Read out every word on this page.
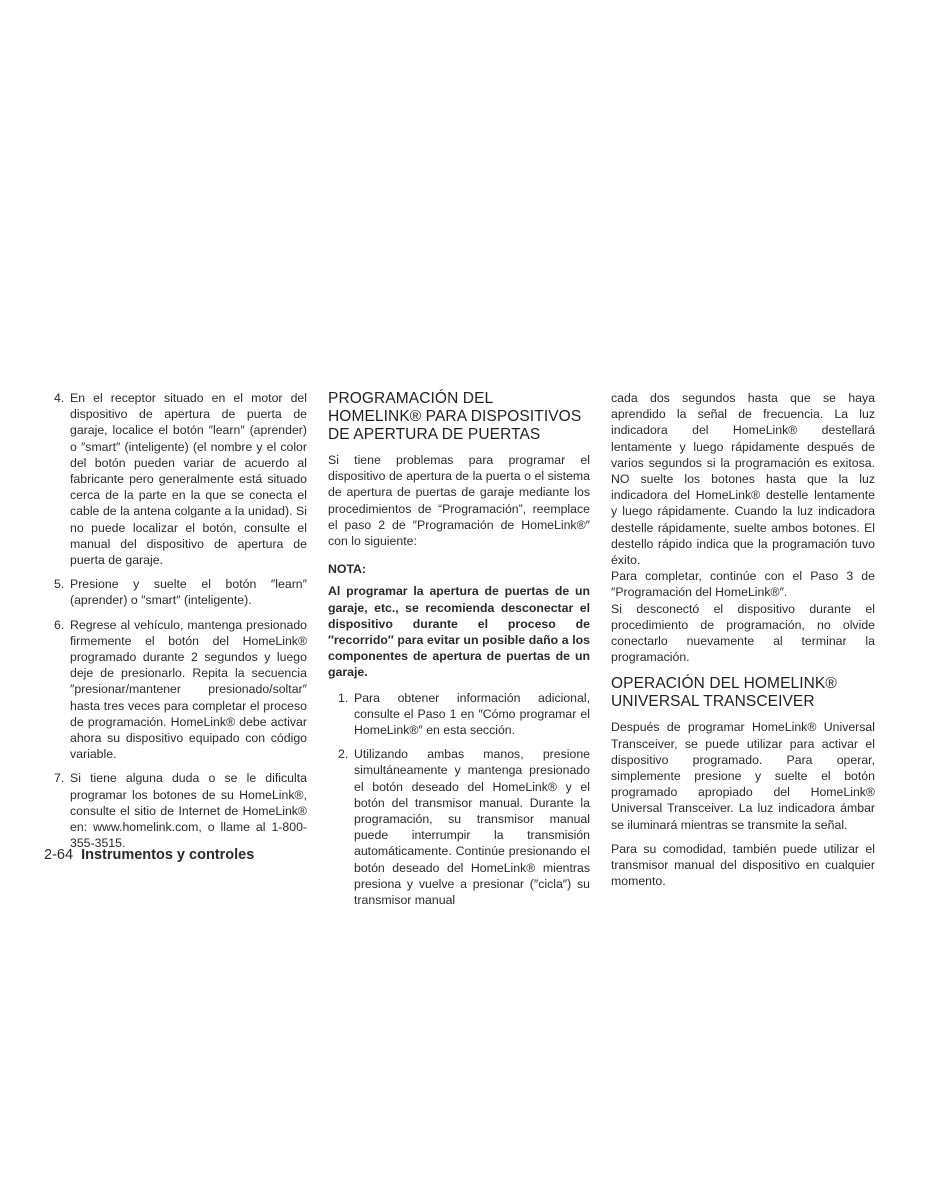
4. En el receptor situado en el motor del dispositivo de apertura de puerta de garaje, localice el botón ″learn″ (aprender) o ″smart″ (inteligente) (el nombre y el color del botón pueden variar de acuerdo al fabricante pero generalmente está situado cerca de la parte en la que se conecta el cable de la antena colgante a la unidad). Si no puede localizar el botón, consulte el manual del dispositivo de apertura de puerta de garaje.
5. Presione y suelte el botón ″learn″ (aprender) o ″smart″ (inteligente).
6. Regrese al vehículo, mantenga presionado firmemente el botón del HomeLink® programado durante 2 segundos y luego deje de presionarlo. Repita la secuencia ″presionar/mantener presionado/soltar″ hasta tres veces para completar el proceso de programación. HomeLink® debe activar ahora su dispositivo equipado con código variable.
7. Si tiene alguna duda o se le dificulta programar los botones de su HomeLink®, consulte el sitio de Internet de HomeLink® en: www.homelink.com, o llame al 1-800-355-3515.
PROGRAMACIÓN DEL HOMELINK® PARA DISPOSITIVOS DE APERTURA DE PUERTAS

Si tiene problemas para programar el dispositivo de apertura de la puerta o el sistema de apertura de puertas de garaje mediante los procedimientos de “Programación”, reemplace el paso 2 de ″Programación de HomeLink®″ con lo siguiente:

NOTA:

Al programar la apertura de puertas de un garaje, etc., se recomienda desconectar el dispositivo durante el proceso de ″recorrido″ para evitar un posible daño a los componentes de apertura de puertas de un garaje.

1. Para obtener información adicional, consulte el Paso 1 en ″Cómo programar el HomeLink®″ en esta sección.
2. Utilizando ambas manos, presione simultáneamente y mantenga presionado el botón deseado del HomeLink® y el botón del transmisor manual. Durante la programación, su transmisor manual puede interrumpir la transmisión automáticamente. Continúe presionando el botón deseado del HomeLink® mientras presiona y vuelve a presionar (″cicla″) su transmisor manual

cada dos segundos hasta que se haya aprendido la señal de frecuencia. La luz indicadora del HomeLink® destellará lentamente y luego rápidamente después de varios segundos si la programación es exitosa. NO suelte los botones hasta que la luz indicadora del HomeLink® destelle lentamente y luego rápidamente. Cuando la luz indicadora destelle rápidamente, suelte ambos botones. El destello rápido indica que la programación tuvo éxito.

Para completar, continúe con el Paso 3 de ″Programación del HomeLink®″.

Si desconectó el dispositivo durante el procedimiento de programación, no olvide conectarlo nuevamente al terminar la programación.

OPERACIÓN DEL HOMELINK® UNIVERSAL TRANSCEIVER

Después de programar HomeLink® Universal Transceiver, se puede utilizar para activar el dispositivo programado. Para operar, simplemente presione y suelte el botón programado apropiado del HomeLink® Universal Transceiver. La luz indicadora ámbar se iluminará mientras se transmite la señal.

Para su comodidad, también puede utilizar el transmisor manual del dispositivo en cualquier momento.

2-64 Instrumentos y controles
